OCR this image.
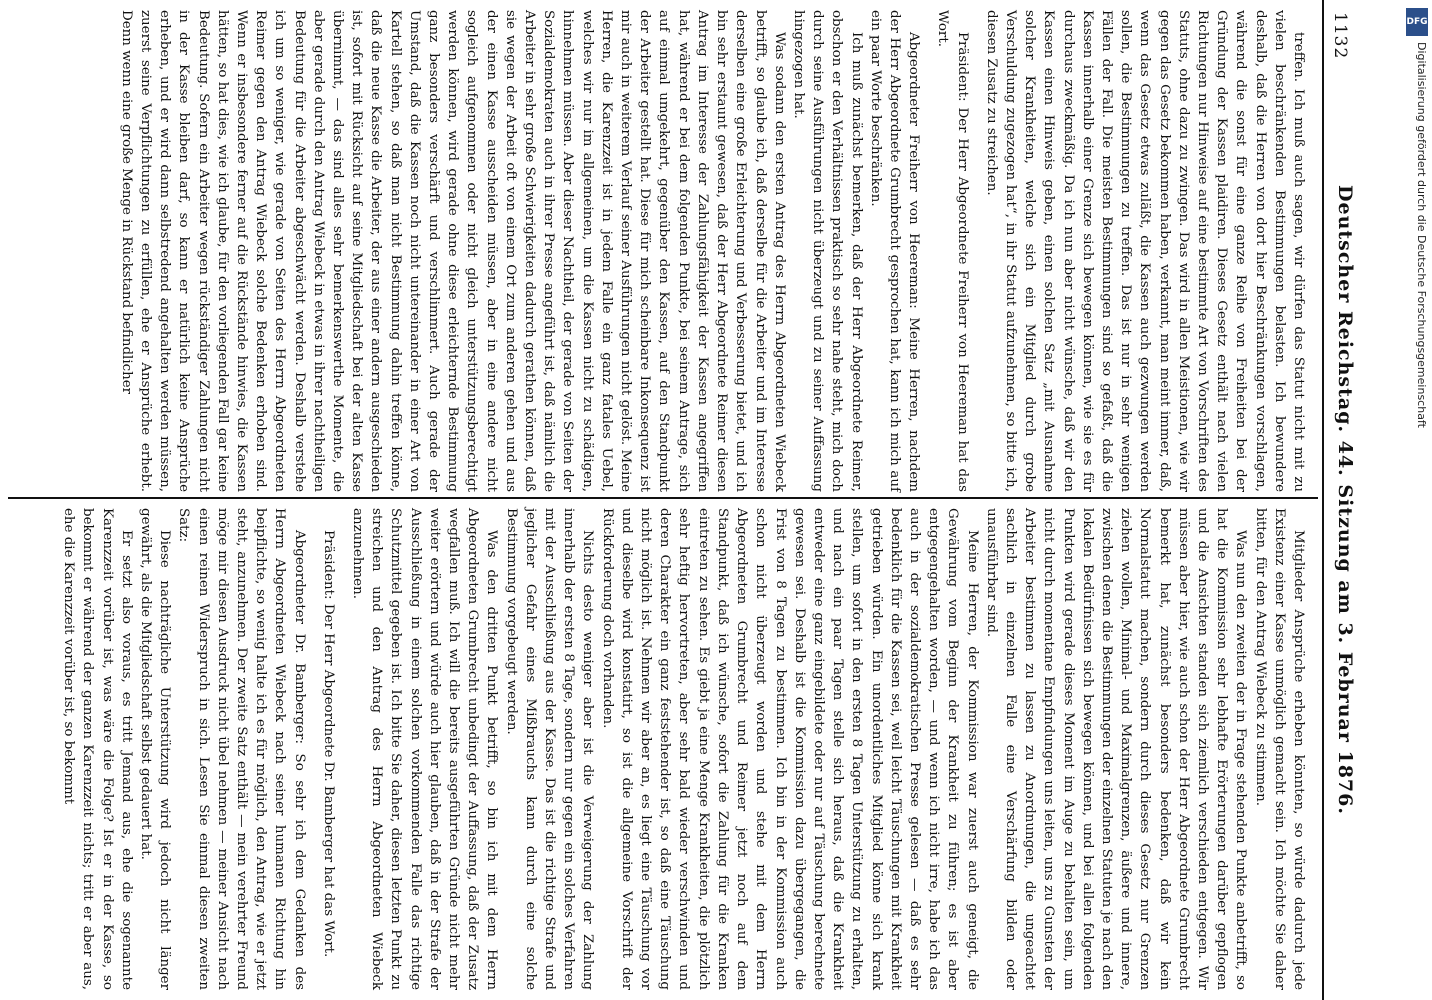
1132
Deutscher Reichstag. 44. Sitzung am 3. Februar 1876.

treffen. Ich muß auch sagen, wir dürfen das Statut nicht mit zu vielen beschränkenden Bestimmungen belasten. Ich bewundere deshalb, daß die Herren von dort hier Beschränkungen vorschlagen, während die sonst für eine ganze Reihe von Freiheiten bei der Gründung der Kassen plaidiren. Dieses Gesetz enthält nach vielen Richtungen nur Hinweise auf eine bestimmte Art von Vorschriften des Statuts, ohne dazu zu zwingen. Das wird in allen Meistionen, wie wir gegen das Gesetz bekommen haben, verkannt, man meint immer, daß, wenn das Gesetz etwas zuläßt, die Kassen auch gezwungen werden sollen, die Bestimmungen zu treffen. Das ist nur in sehr wenigen Fällen der Fall. Die meisten Bestimmungen sind so gefaßt, daß die Kassen innerhalb einer Grenze sich bewegen können, wie sie es für durchaus zweckmäßig. Da ich nun aber nicht wünsche, daß wir den Kassen einen Hinweis geben, einen solchen Satz „mit Ausnahme solcher Krankheiten, welche sich ein Mitglied durch grobe Verschuldung zugezogen hat“, in ihr Statut aufzunehmen, so bitte ich, diesen Zusatz zu streichen.

Präsident: Der Herr Abgeordnete Freiherr von Heereman hat das Wort.

Abgeordneter Freiherr von Heereman: Meine Herren, nachdem der Herr Abgeordnete Grumbrecht gesprochen hat, kann ich mich auf ein paar Worte beschränken.

Ich muß zunächst bemerken, daß der Herr Abgeordnete Reimer, obschon er den Verhältnissen praktisch so sehr nahe steht, mich doch durch seine Ausführungen nicht überzeugt und zu seiner Auffassung hingezogen hat.

Was sodann den ersten Antrag des Herrn Abgeordneten Wiebeck betrifft, so glaube ich, daß derselbe für die Arbeiter und im Interesse derselben eine große Erleichterung und Verbesserung bietet, und ich bin sehr erstaunt gewesen, daß der Herr Abgeordnete Reimer diesen Antrag im Interesse der Zahlungsfähigkeit der Kassen angegriffen hat, während er bei dem folgenden Punkte, bei seinem Antrage, sich auf einmal umgekehrt, gegenüber den Kassen, auf den Standpunkt der Arbeiter gestellt hat. Diese für mich scheinbare Inkonsequenz ist mir auch in weiterem Verlauf seiner Ausführungen nicht gelöst. Meine Herren, die Karenzzeit ist in jedem Falle ein ganz fatales Uebel, welches wir nur im allgemeinen, um die Kassen nicht zu schädigen, hinnehmen müssen. Aber dieser Nachtheil, der gerade von Seiten der Sozialdemokraten auch in ihrer Presse angeführt ist, daß nämlich die Arbeiter in sehr große Schwierigkeiten dadurch gerathen können, daß sie wegen der Arbeit oft von einem Ort zum anderen gehen und aus der einen Kasse ausscheiden müssen, aber in eine andere nicht sogleich aufgenommen oder nicht gleich unterstützungsberechtigt werden können, wird gerade ohne diese erleichternde Bestimmung ganz besonders verschärft und verschlimmert. Auch gerade der Umstand, daß die Kassen noch nicht untereinander in einer Art von Kartell stehen, so daß man nicht Bestimmung dahin treffen könne, daß die neue Kasse die Arbeiter, der aus einer andern ausgeschieden ist, sofort mit Rücksicht auf seine Mitgliedschaft bei der alten Kasse übernimmt, — das sind alles sehr bemerkenswerthe Momente, die aber gerade durch den Antrag Wiebeck in etwas in ihrer nachtheiligen Bedeutung für die Arbeiter abgeschwächt werden. Deshalb verstehe ich um so weniger, wie gerade von Seiten des Herrn Abgeordneten Reimer gegen den Antrag Wiebeck solche Bedenken erhoben sind. Wenn er insbesondere ferner auf die Rückstände hinwies, die Kassen hätten, so hat dies, wie ich glaube, für den vorliegenden Fall gar keine Bedeutung. Sofern ein Arbeiter wegen rückständiger Zahlungen nicht in der Kasse bleiben darf, so kann er natürlich keine Ansprüche erheben, und er wird dann selbstredend angehalten werden müssen, zuerst seine Verpflichtungen zu erfüllen, ehe er Ansprüche erhebt. Denn wenn eine große Menge in Rückstand befindlicher

Mitglieder Ansprüche erheben könnten, so würde dadurch jede Existenz einer Kasse unmöglich gemacht sein. Ich möchte Sie daher bitten, für den Antrag Wiebeck zu stimmen.

Was nun den zweiten der in Frage stehenden Punkte anbetrifft, so hat die Kommission sehr lebhafte Erörterungen darüber gepflogen und die Ansichten standen sich ziemlich verschieden entgegen. Wir müssen aber hier, wie auch schon der Herr Abgeordnete Grumbrecht bemerkt hat, zunächst besonders bedenken, daß wir kein Normalstatut machen, sondern durch dieses Gesetz nur Grenzen ziehen wollen, Minimal- und Maximalgrenzen, äußere und innere, zwischen denen die Bestimmungen der einzelnen Statuten je nach den lokalen Bedürfnissen sich bewegen können, und bei allen folgenden Punkten wird gerade dieses Moment im Auge zu behalten sein, um nicht durch momentane Empfindungen uns leiten, uns zu Gunsten der Arbeiter bestimmen zu lassen zu Anordnungen, die ungeachtet sachlich in einzelnen Falle eine Verschärfung bilden oder unausführbar sind.

Meine Herren, der Kommission war zuerst auch geneigt, die Gewährung vom Beginn der Krankheit zu führen; es ist aber entgegengehalten worden, — und wenn ich nicht irre, habe ich das auch in der sozialdemokratischen Presse gelesen — daß es sehr bedenklich für die Kassen sei, weil leicht Täuschungen mit Krankheit getrieben würden. Ein unordentliches Mitglied könne sich krank stellen, um sofort in den ersten 8 Tagen Unterstützung zu erhalten, und nach ein paar Tagen stelle sich heraus, daß die Krankheit entweder eine ganz eingebildete oder nur auf Täuschung berechnete gewesen sei. Deshalb ist die Kommission dazu übergegangen, die Frist von 8 Tagen zu bestimmen. Ich bin in der Kommission auch schon nicht überzeugt worden und stehe mit dem Herrn Abgeordneten Grumbrecht und Reimer jetzt noch auf dem Standpunkt, daß ich wünsche, sofort die Zahlung für die Kranken eintreten zu sehen. Es giebt ja eine Menge Krankheiten, die plötzlich sehr heftig hervortreten, aber sehr bald wieder verschwinden und deren Charakter ein ganz feststehender ist, so daß eine Täuschung nicht möglich ist. Nehmen wir aber an, es liegt eine Täuschung vor und dieselbe wird konstatirt, so ist die allgemeine Vorschrift der Rückforderung doch vorhanden.

Nichts desto weniger aber ist die Verweigerung der Zahlung innerhalb der ersten 8 Tage, sondern nur gegen ein solches Verfahren mit der Ausschließung aus der Kasse. Das ist die richtige Strafe und jeglicher Gefahr eines Mißbrauchs kann durch eine solche Bestimmung vorgebeugt werden.

Was den dritten Punkt betrifft, so bin ich mit dem Herrn Abgeordneten Grumbrecht unbedingt der Auffassung, daß der Zusatz wegfallen muß. Ich will die bereits ausgeführten Gründe nicht mehr weiter erörtern und würde auch hier glauben, daß in der Strafe der Ausschließung in einem solchen vorkommenden Falle das richtige Schutzmittel gegeben ist. Ich bitte Sie daher, diesen letzten Punkt zu streichen und den Antrag des Herrn Abgeordneten Wiebeck anzunehmen.

Präsident: Der Herr Abgeordnete Dr. Bamberger hat das Wort.

Abgeordneter Dr. Bamberger: So sehr ich dem Gedanken des Herrn Abgeordneten Wiebeck nach seiner humanen Richtung hin beipflichte, so wenig halte ich es für möglich, den Antrag, wie er jetzt steht, anzunehmen. Der zweite Satz enthält — mein verehrter Freund möge mir diesen Ausdruck nicht übel nehmen — meiner Ansicht nach einen reinen Widerspruch in sich. Lesen Sie einmal diesen zweiten Satz:

Diese nachträgliche Unterstützung wird jedoch nicht länger gewährt, als die Mitgliedschaft selbst gedauert hat.

Er setzt also voraus, es tritt Jemand aus, ehe die sogenannte Karenzzeit vorüber ist, was wäre die Folge? Ist er in der Kasse, so bekommt er während der ganzen Karenzzeit nichts; tritt er aber aus, ehe die Karenzzeit vorüber ist, so bekommt

DFG
Digitalisierung gefördert durch die Deutsche Forschungsgemeinschaft
